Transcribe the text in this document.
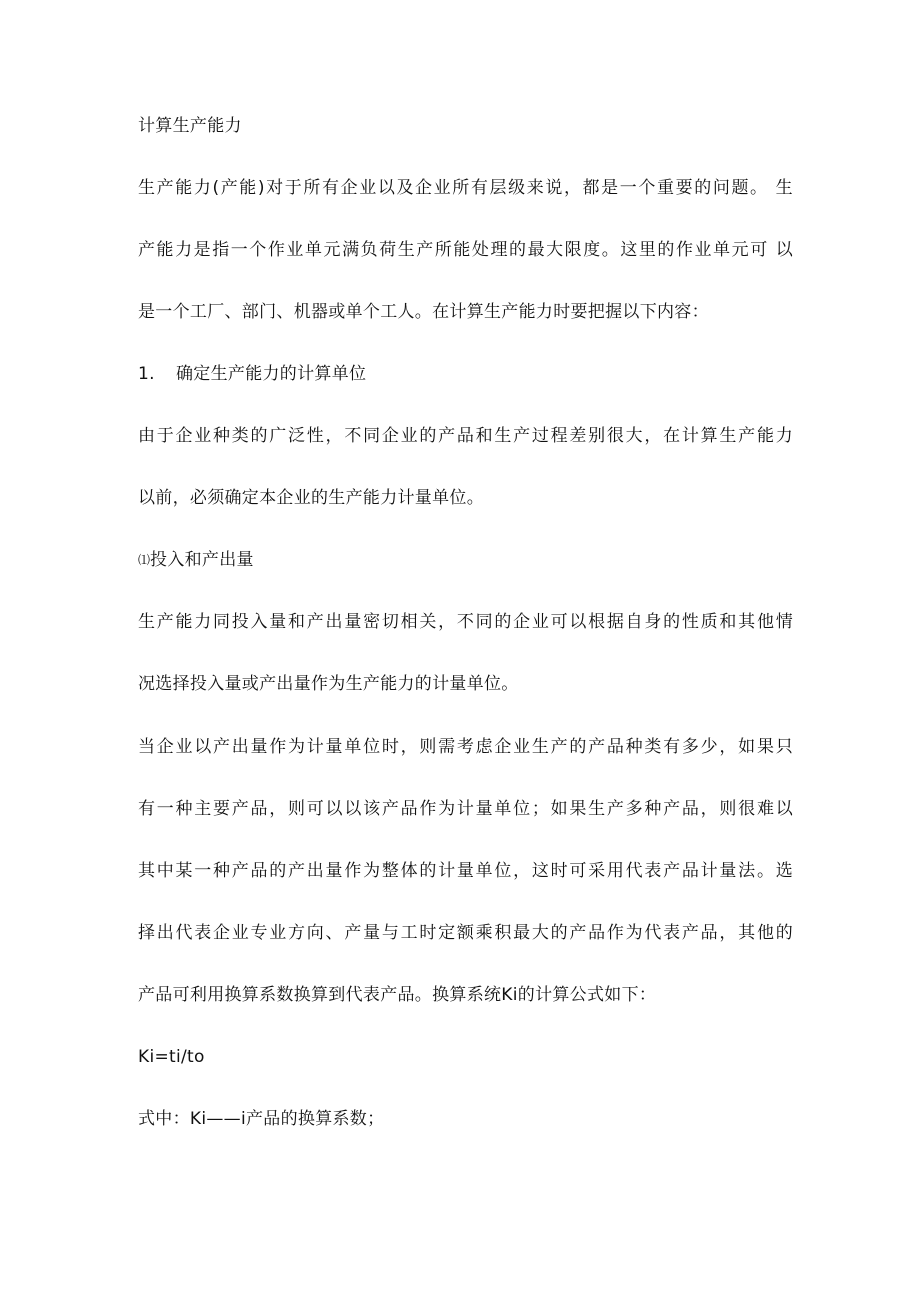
计算生产能力
生产能力(产能)对于所有企业以及企业所有层级来说，都是一个重要的问题。 生
产能力是指一个作业单元满负荷生产所能处理的最大限度。这里的作业单元可 以
是一个工厂、部门、机器或单个工人。在计算生产能力时要把握以下内容：
1. 确定生产能力的计算单位
由于企业种类的广泛性，不同企业的产品和生产过程差别很大，在计算生产能力
以前，必须确定本企业的生产能力计量单位。
⑴投入和产出量
生产能力同投入量和产出量密切相关，不同的企业可以根据自身的性质和其他情
况选择投入量或产出量作为生产能力的计量单位。
当企业以产出量作为计量单位时，则需考虑企业生产的产品种类有多少，如果只
有一种主要产品，则可以以该产品作为计量单位；如果生产多种产品，则很难以
其中某一种产品的产出量作为整体的计量单位，这时可采用代表产品计量法。选
择出代表企业专业方向、产量与工时定额乘积最大的产品作为代表产品，其他的
产品可利用换算系数换算到代表产品。换算系统Ki的计算公式如下：
Ki=ti/to
式中：Ki——i产品的换算系数；
